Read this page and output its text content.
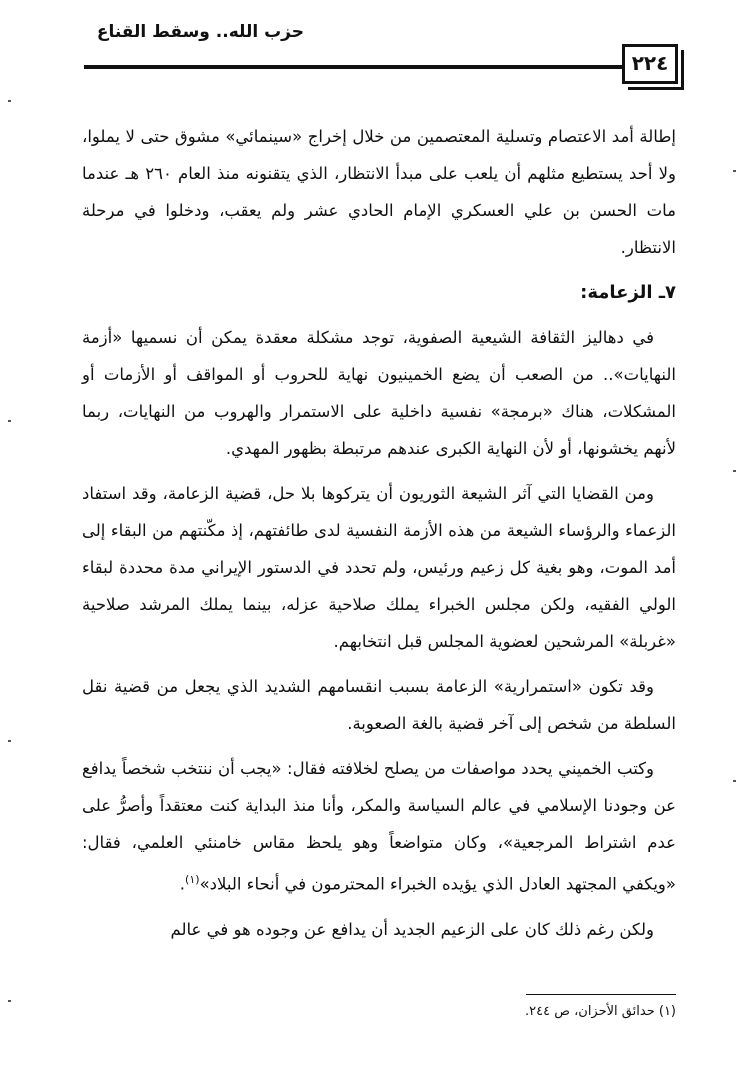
حزب الله.. وسقط القناع
٢٢٤

إطالة أمد الاعتصام وتسلية المعتصمين من خلال إخراج «سينمائي» مشوق حتى لا يملوا، ولا أحد يستطيع مثلهم أن يلعب على مبدأ الانتظار، الذي يتقنونه منذ العام ٢٦٠ هـ عندما مات الحسن بن علي العسكري الإمام الحادي عشر ولم يعقب، ودخلوا في مرحلة الانتظار.

٧ـ الزعامة:

في دهاليز الثقافة الشيعية الصفوية، توجد مشكلة معقدة يمكن أن نسميها «أزمة النهايات».. من الصعب أن يضع الخمينيون نهاية للحروب أو المواقف أو الأزمات أو المشكلات، هناك «برمجة» نفسية داخلية على الاستمرار والهروب من النهايات، ربما لأنهم يخشونها، أو لأن النهاية الكبرى عندهم مرتبطة بظهور المهدي.

ومن القضايا التي آثر الشيعة الثوريون أن يتركوها بلا حل، قضية الزعامة، وقد استفاد الزعماء والرؤساء الشيعة من هذه الأزمة النفسية لدى طائفتهم، إذ مكّنتهم من البقاء إلى أمد الموت، وهو بغية كل زعيم ورئيس، ولم تحدد في الدستور الإيراني مدة محددة لبقاء الولي الفقيه، ولكن مجلس الخبراء يملك صلاحية عزله، بينما يملك المرشد صلاحية «غربلة» المرشحين لعضوية المجلس قبل انتخابهم.

وقد تكون «استمرارية» الزعامة بسبب انقسامهم الشديد الذي يجعل من قضية نقل السلطة من شخص إلى آخر قضية بالغة الصعوبة.

وكتب الخميني يحدد مواصفات من يصلح لخلافته فقال: «يجب أن ننتخب شخصاً يدافع عن وجودنا الإسلامي في عالم السياسة والمكر، وأنا منذ البداية كنت معتقداً وأصرُّ على عدم اشتراط المرجعية»، وكان متواضعاً وهو يلحظ مقاس خامنئي العلمي، فقال: «ويكفي المجتهد العادل الذي يؤيده الخبراء المحترمون في أنحاء البلاد»$^{(١)}$.

ولكن رغم ذلك كان على الزعيم الجديد أن يدافع عن وجوده هو في عالم

(١) حدائق الأحزان، ص ٢٤٤.
